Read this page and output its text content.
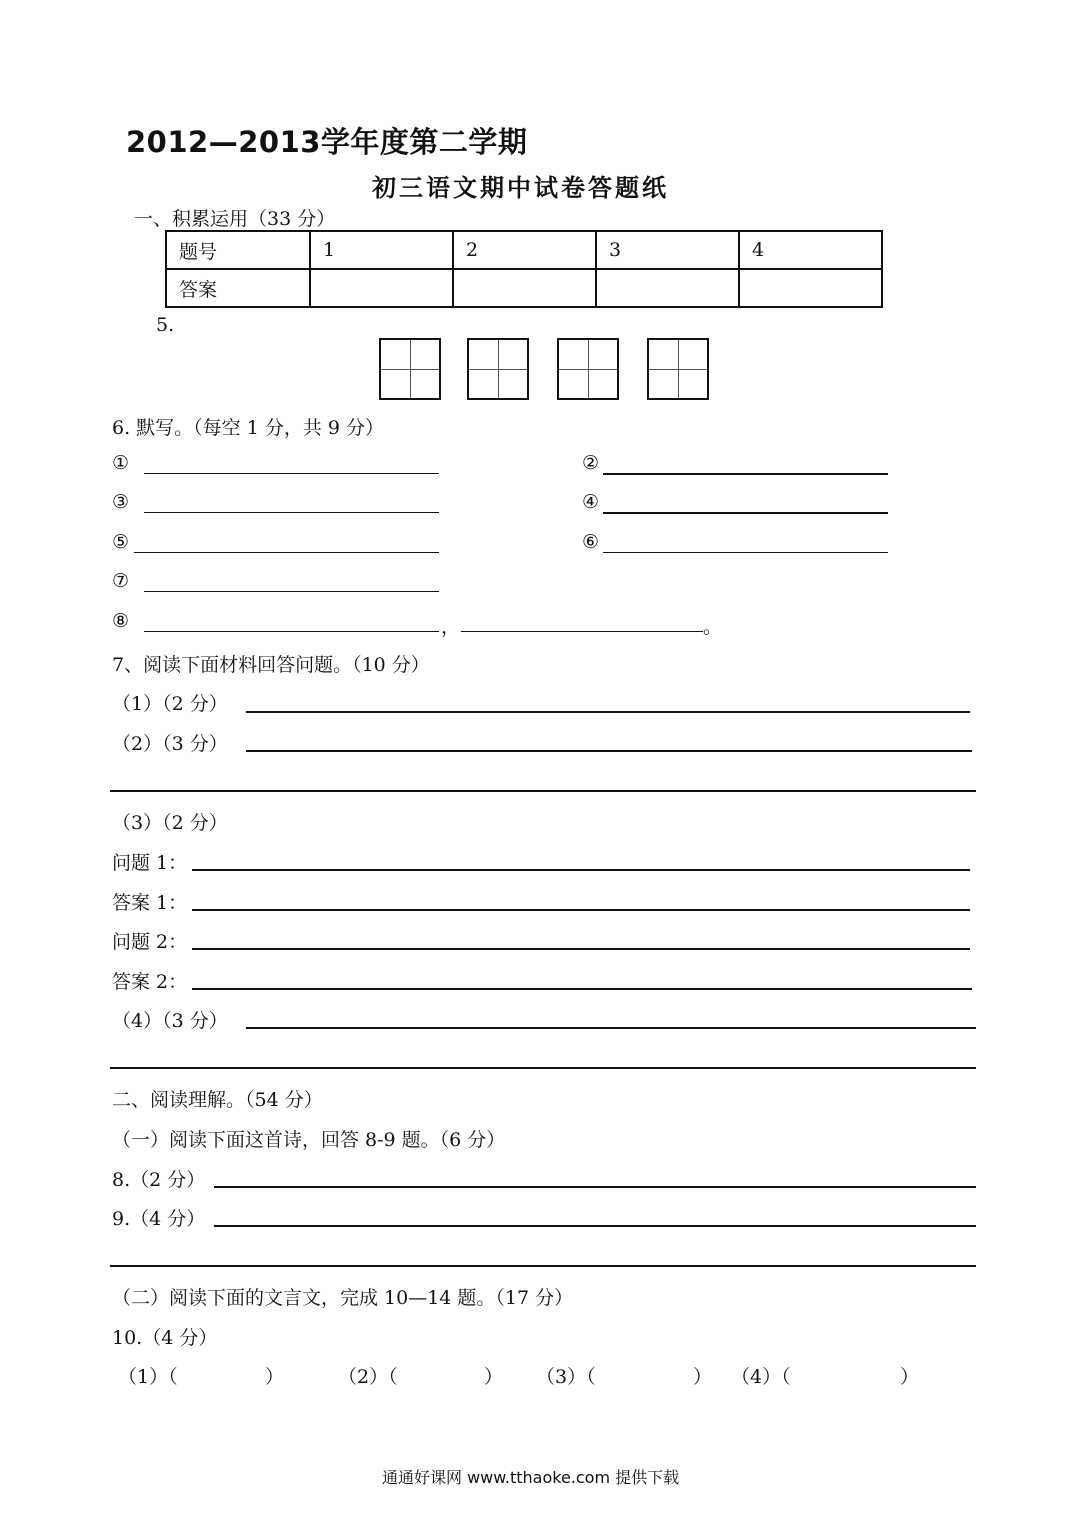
2012—2013学年度第二学期
初三语文期中试卷答题纸
一、积累运用（33 分）
题号	1	2	3	4
答案				
5.
6. 默写。（每空 1 分，共 9 分）
①	②
③	④
⑤	⑥
⑦
⑧	，	。
7、阅读下面材料回答问题。（10 分）
（1）（2 分）
（2）（3 分）
（3）（2 分）
问题 1：
答案 1：
问题 2：
答案 2：
（4）（3 分）
二、阅读理解。（54 分）
（一）阅读下面这首诗，回答 8-9 题。（6 分）
8.（2 分）
9.（4 分）
（二）阅读下面的文言文，完成 10—14 题。（17 分）
10.（4 分）
（1）（	）	（2）（	） （3）（	） （4）（	）
通通好课网 www.tthaoke.com 提供下载
